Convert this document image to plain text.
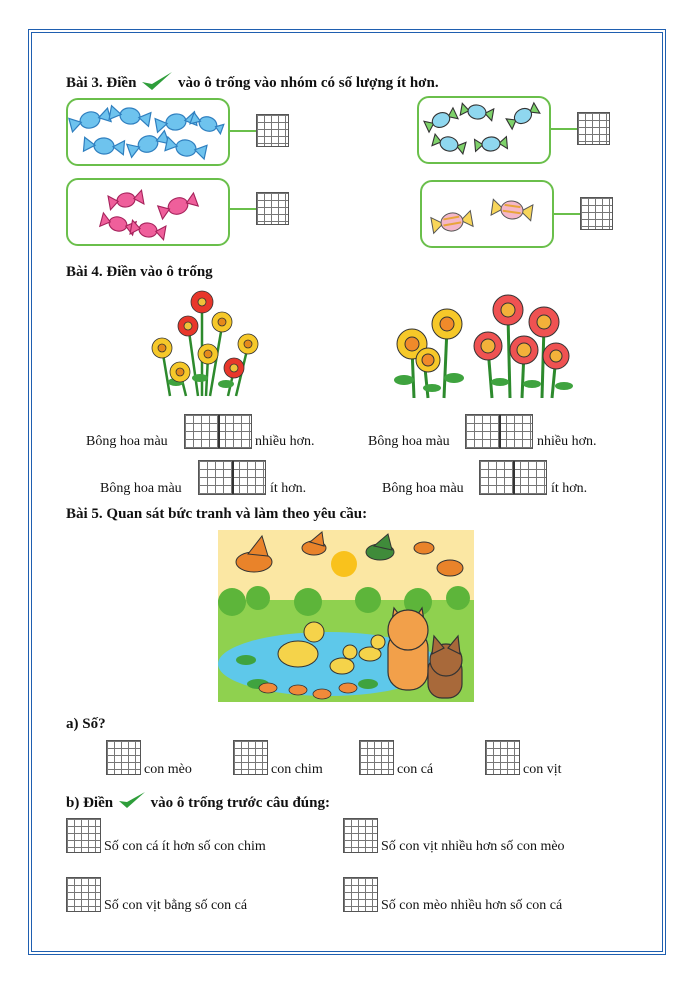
Bài 3. Điền	vào ô trống vào nhóm có số lượng ít hơn.
Bài 4. Điền vào ô trống
Bông hoa màu	nhiều hơn.	Bông hoa màu	nhiều hơn.
Bông hoa màu	ít hơn.	Bông hoa màu	ít hơn.
Bài 5. Quan sát bức tranh và làm theo yêu cầu:
a) Số?
con mèo	con chim	con cá	con vịt
b) Điền	vào ô trống trước câu đúng:
Số con cá ít hơn số con chim	Số con vịt nhiều hơn số con mèo
Số con vịt bằng số con cá	Số con mèo nhiều hơn số con cá
